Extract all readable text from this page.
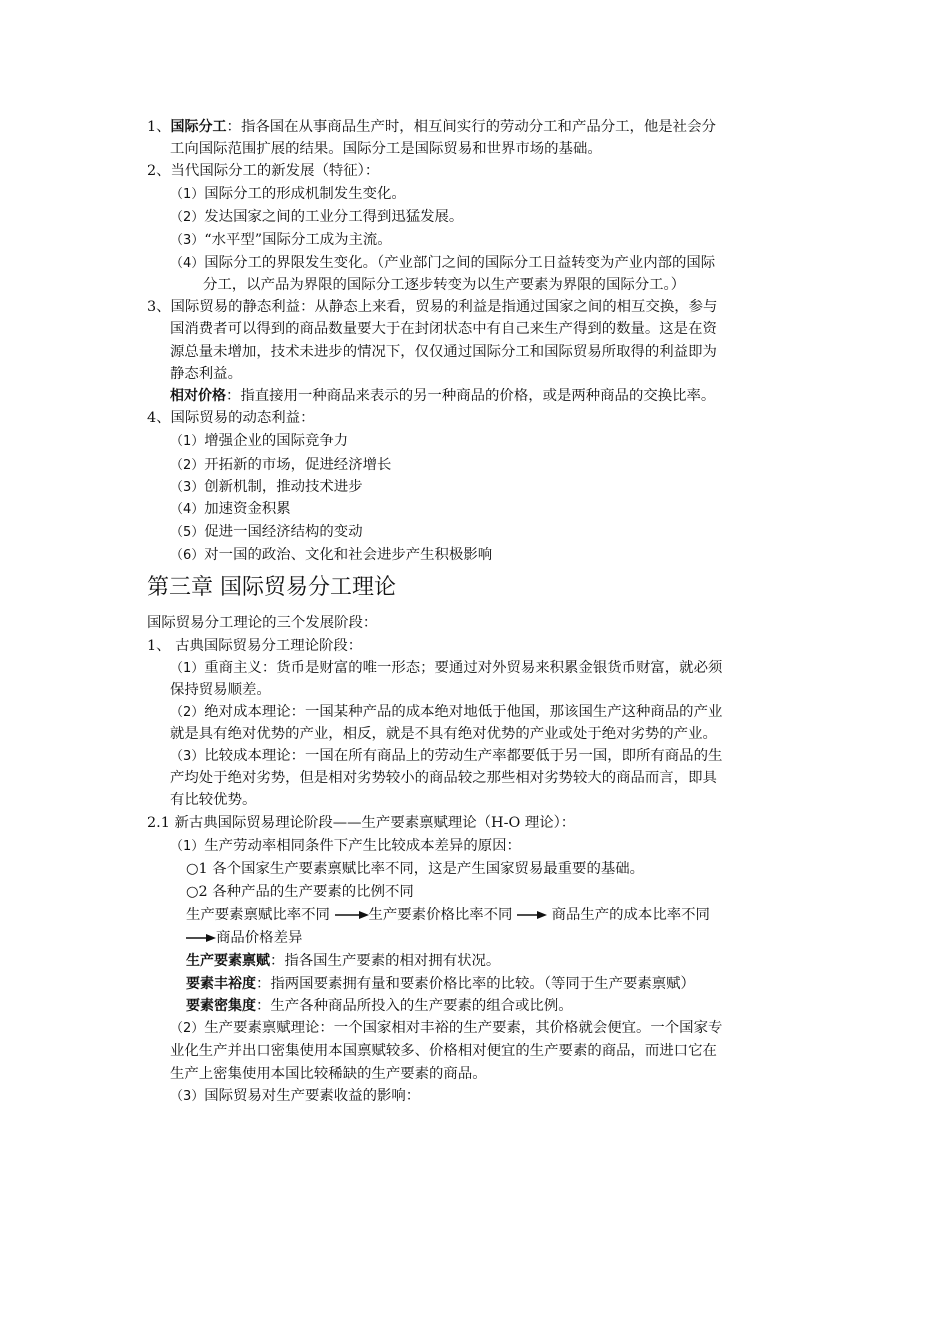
1、国际分工：指各国在从事商品生产时，相互间实行的劳动分工和产品分工，他是社会分
工向国际范围扩展的结果。国际分工是国际贸易和世界市场的基础。
2、当代国际分工的新发展（特征）：
（1）国际分工的形成机制发生变化。
（2）发达国家之间的工业分工得到迅猛发展。
（3）“水平型”国际分工成为主流。
（4）国际分工的界限发生变化。（产业部门之间的国际分工日益转变为产业内部的国际
分工，以产品为界限的国际分工逐步转变为以生产要素为界限的国际分工。）
3、国际贸易的静态利益：从静态上来看，贸易的利益是指通过国家之间的相互交换，参与
国消费者可以得到的商品数量要大于在封闭状态中有自己来生产得到的数量。这是在资
源总量未增加，技术未进步的情况下，仅仅通过国际分工和国际贸易所取得的利益即为
静态利益。
相对价格：指直接用一种商品来表示的另一种商品的价格，或是两种商品的交换比率。
4、国际贸易的动态利益：
（1）增强企业的国际竞争力
（2）开拓新的市场，促进经济增长
（3）创新机制，推动技术进步
（4）加速资金积累
（5）促进一国经济结构的变动
（6）对一国的政治、文化和社会进步产生积极影响
第三章 国际贸易分工理论
国际贸易分工理论的三个发展阶段：
1、 古典国际贸易分工理论阶段：
（1）重商主义：货币是财富的唯一形态；要通过对外贸易来积累金银货币财富，就必须
保持贸易顺差。
（2）绝对成本理论：一国某种产品的成本绝对地低于他国，那该国生产这种商品的产业
就是具有绝对优势的产业，相反，就是不具有绝对优势的产业或处于绝对劣势的产业。
（3）比较成本理论：一国在所有商品上的劳动生产率都要低于另一国，即所有商品的生
产均处于绝对劣势，但是相对劣势较小的商品较之那些相对劣势较大的商品而言，即具
有比较优势。
2.1 新古典国际贸易理论阶段——生产要素禀赋理论（H-O 理论）：
（1）生产劳动率相同条件下产生比较成本差异的原因：
○1 各个国家生产要素禀赋比率不同，这是产生国家贸易最重要的基础。
○2 各种产品的生产要素的比例不同
生产要素禀赋比率不同	生产要素价格比率不同	商品生产的成本比率不同
商品价格差异
生产要素禀赋：指各国生产要素的相对拥有状况。
要素丰裕度：指两国要素拥有量和要素价格比率的比较。（等同于生产要素禀赋）
要素密集度：生产各种商品所投入的生产要素的组合或比例。
（2）生产要素禀赋理论：一个国家相对丰裕的生产要素，其价格就会便宜。一个国家专
业化生产并出口密集使用本国禀赋较多、价格相对便宜的生产要素的商品，而进口它在
生产上密集使用本国比较稀缺的生产要素的商品。
（3）国际贸易对生产要素收益的影响：
